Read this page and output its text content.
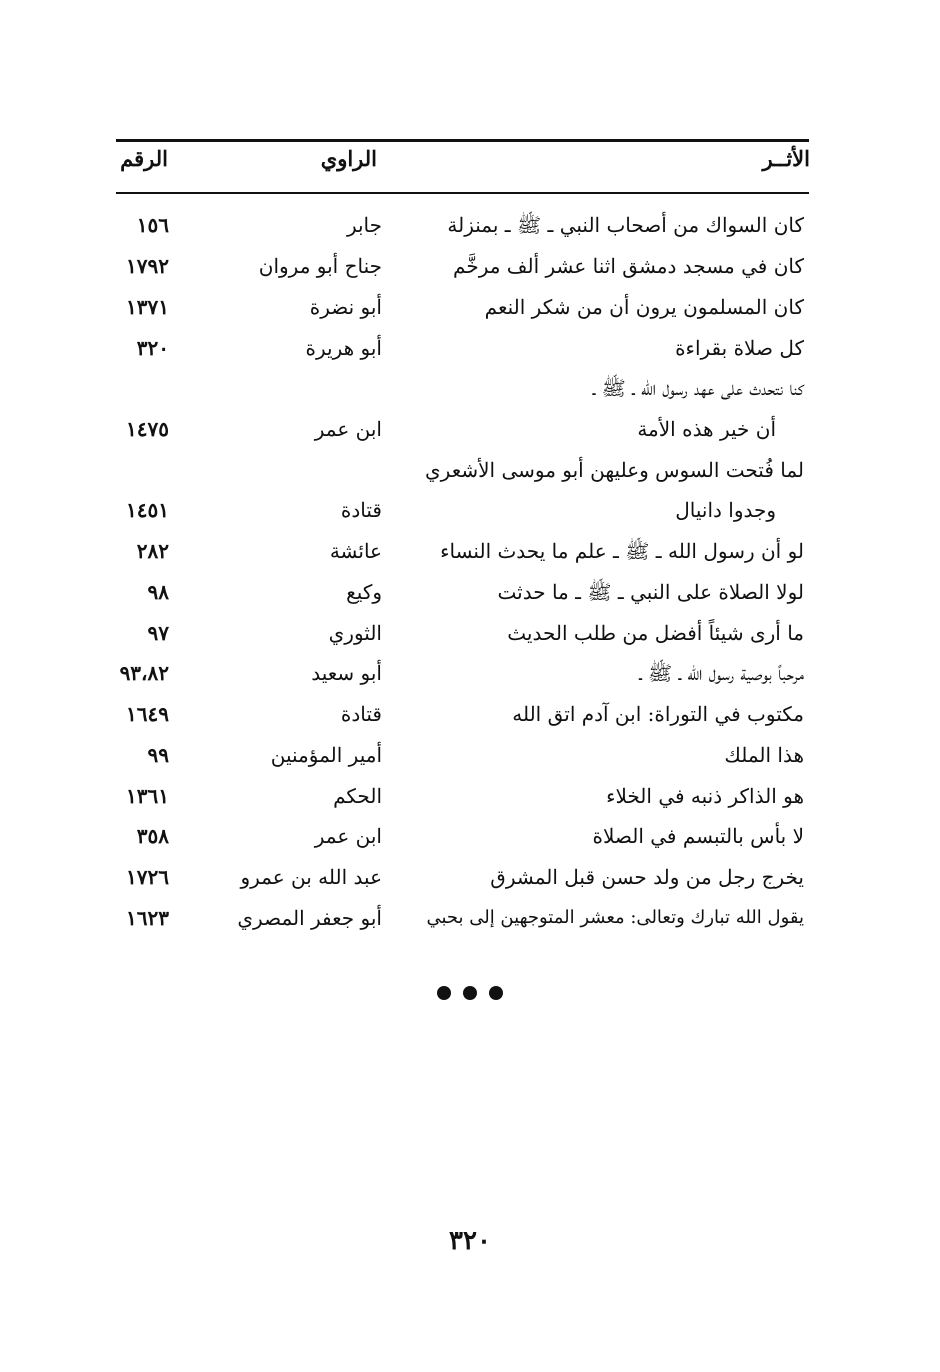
الأثــر
الراوي
الرقم
كان السواك من أصحاب النبي ـ ﷺ ـ بمنزلة
جابر
١٥٦
كان في مسجد دمشق اثنا عشر ألف مرخَّم
جناح أبو مروان
١٧٩٢
كان المسلمون يرون أن من شكر النعم
أبو نضرة
١٣٧١
كل صلاة بقراءة
أبو هريرة
٣٢٠
كنا نتحدث على عهد رسول الله ـ ﷺ ـ
أن خير هذه الأمة
ابن عمر
١٤٧٥
لما فُتحت السوس وعليهن أبو موسى الأشعري
وجدوا دانيال
قتادة
١٤٥١
لو أن رسول الله ـ ﷺ ـ علم ما يحدث النساء
عائشة
٢٨٢
لولا الصلاة على النبي ـ ﷺ ـ ما حدثت
وكيع
٩٨
ما أرى شيئاً أفضل من طلب الحديث
الثوري
٩٧
مرحباً بوصية رسول الله ـ ﷺ ـ
أبو سعيد
٩٣،٨٢
مكتوب في التوراة: ابن آدم اتق الله
قتادة
١٦٤٩
هذا الملك
أمير المؤمنين
٩٩
هو الذاكر ذنبه في الخلاء
الحكم
١٣٦١
لا بأس بالتبسم في الصلاة
ابن عمر
٣٥٨
يخرج رجل من ولد حسن قبل المشرق
عبد الله بن عمرو
١٧٢٦
يقول الله تبارك وتعالى: معشر المتوجهين إلى بحبي
أبو جعفر المصري
١٦٢٣
٣٢٠
